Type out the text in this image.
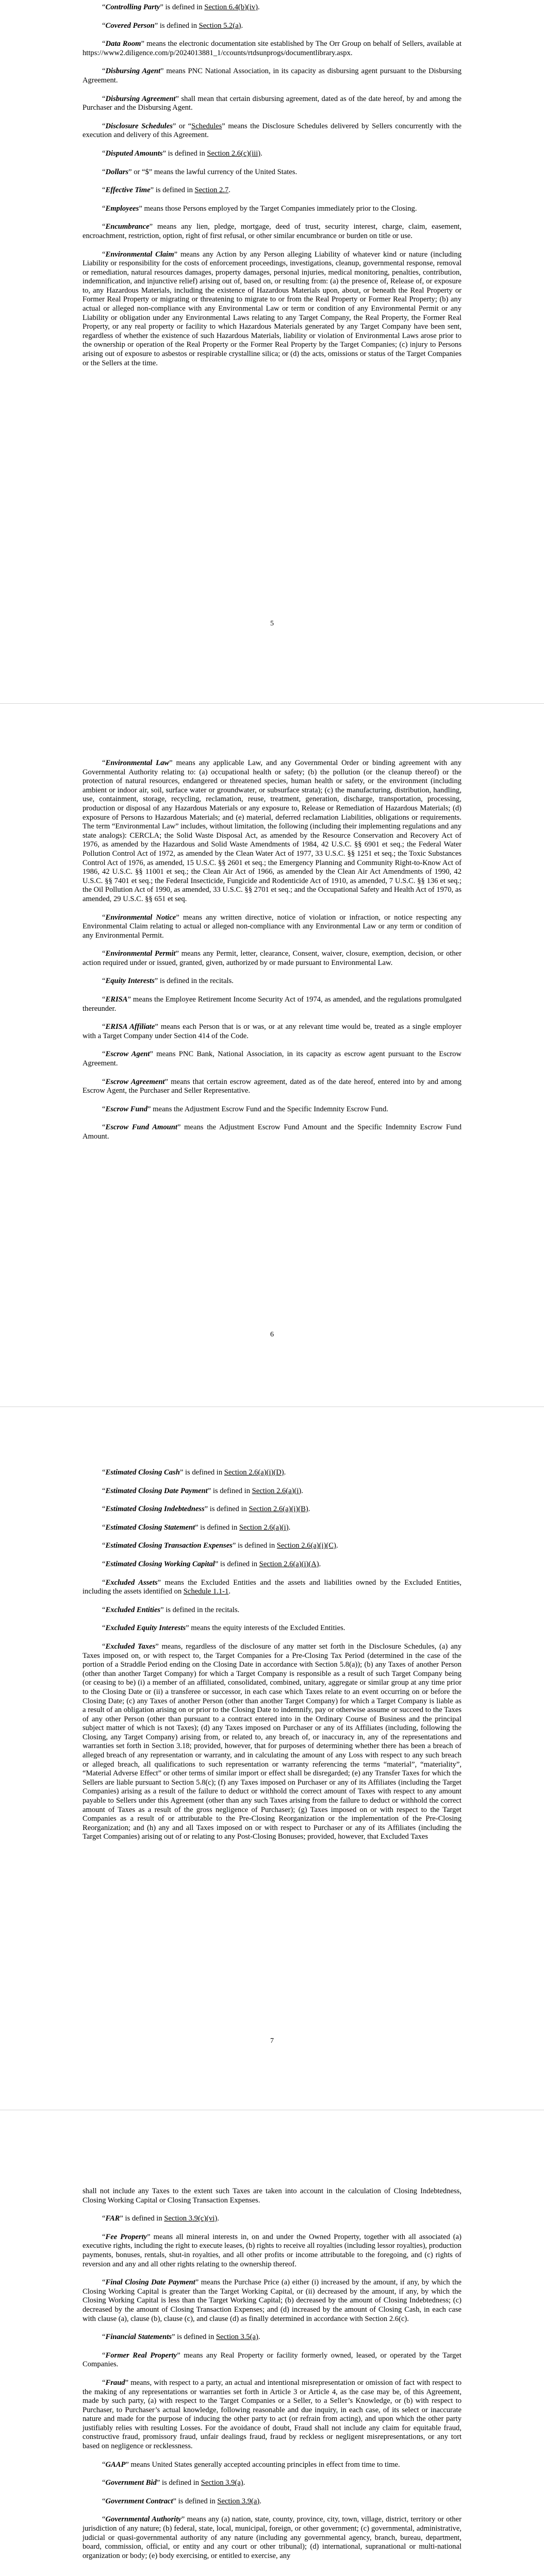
“Controlling Party” is defined in Section 6.4(b)(iv).

“Covered Person” is defined in Section 5.2(a).

“Data Room” means the electronic documentation site established by The Orr Group on behalf of Sellers, available at https://www2.diligence.com/p/2024013881_1/ccounts/rtdsunprogs/documentlibrary.aspx.

“Disbursing Agent” means PNC National Association, in its capacity as disbursing agent pursuant to the Disbursing Agreement.

“Disbursing Agreement” shall mean that certain disbursing agreement, dated as of the date hereof, by and among the Purchaser and the Disbursing Agent.

“Disclosure Schedules” or “Schedules” means the Disclosure Schedules delivered by Sellers concurrently with the execution and delivery of this Agreement.

“Disputed Amounts” is defined in Section 2.6(c)(iii).

“Dollars” or “$” means the lawful currency of the United States.

“Effective Time” is defined in Section 2.7.

“Employees” means those Persons employed by the Target Companies immediately prior to the Closing.

“Encumbrance” means any lien, pledge, mortgage, deed of trust, security interest, charge, claim, easement, encroachment, restriction, option, right of first refusal, or other similar encumbrance or burden on title or use.

“Environmental Claim” means any Action by any Person alleging Liability of whatever kind or nature (including Liability or responsibility for the costs of enforcement proceedings, investigations, cleanup, governmental response, removal or remediation, natural resources damages, property damages, personal injuries, medical monitoring, penalties, contribution, indemnification, and injunctive relief) arising out of, based on, or resulting from: (a) the presence of, Release of, or exposure to, any Hazardous Materials, including the existence of Hazardous Materials upon, about, or beneath the Real Property or Former Real Property or migrating or threatening to migrate to or from the Real Property or Former Real Property; (b) any actual or alleged non-compliance with any Environmental Law or term or condition of any Environmental Permit or any Liability or obligation under any Environmental Laws relating to any Target Company, the Real Property, the Former Real Property, or any real property or facility to which Hazardous Materials generated by any Target Company have been sent, regardless of whether the existence of such Hazardous Materials, liability or violation of Environmental Laws arose prior to the ownership or operation of the Real Property or the Former Real Property by the Target Companies; (c) injury to Persons arising out of exposure to asbestos or respirable crystalline silica; or (d) the acts, omissions or status of the Target Companies or the Sellers at the time.

5

“Environmental Law” means any applicable Law, and any Governmental Order or binding agreement with any Governmental Authority relating to: (a) occupational health or safety; (b) the pollution (or the cleanup thereof) or the protection of natural resources, endangered or threatened species, human health or safety, or the environment (including ambient or indoor air, soil, surface water or groundwater, or subsurface strata); (c) the manufacturing, distribution, handling, use, containment, storage, recycling, reclamation, reuse, treatment, generation, discharge, transportation, processing, production or disposal of any Hazardous Materials or any exposure to, Release or Remediation of Hazardous Materials; (d) exposure of Persons to Hazardous Materials; and (e) material, deferred reclamation Liabilities, obligations or requirements. The term “Environmental Law” includes, without limitation, the following (including their implementing regulations and any state analogs): CERCLA; the Solid Waste Disposal Act, as amended by the Resource Conservation and Recovery Act of 1976, as amended by the Hazardous and Solid Waste Amendments of 1984, 42 U.S.C. §§ 6901 et seq.; the Federal Water Pollution Control Act of 1972, as amended by the Clean Water Act of 1977, 33 U.S.C. §§ 1251 et seq.; the Toxic Substances Control Act of 1976, as amended, 15 U.S.C. §§ 2601 et seq.; the Emergency Planning and Community Right-to-Know Act of 1986, 42 U.S.C. §§ 11001 et seq.; the Clean Air Act of 1966, as amended by the Clean Air Act Amendments of 1990, 42 U.S.C. §§ 7401 et seq.; the Federal Insecticide, Fungicide and Rodenticide Act of 1910, as amended, 7 U.S.C. §§ 136 et seq.; the Oil Pollution Act of 1990, as amended, 33 U.S.C. §§ 2701 et seq.; and the Occupational Safety and Health Act of 1970, as amended, 29 U.S.C. §§ 651 et seq.

“Environmental Notice” means any written directive, notice of violation or infraction, or notice respecting any Environmental Claim relating to actual or alleged non-compliance with any Environmental Law or any term or condition of any Environmental Permit.

“Environmental Permit” means any Permit, letter, clearance, Consent, waiver, closure, exemption, decision, or other action required under or issued, granted, given, authorized by or made pursuant to Environmental Law.

“Equity Interests” is defined in the recitals.

“ERISA” means the Employee Retirement Income Security Act of 1974, as amended, and the regulations promulgated thereunder.

“ERISA Affiliate” means each Person that is or was, or at any relevant time would be, treated as a single employer with a Target Company under Section 414 of the Code.

“Escrow Agent” means PNC Bank, National Association, in its capacity as escrow agent pursuant to the Escrow Agreement.

“Escrow Agreement” means that certain escrow agreement, dated as of the date hereof, entered into by and among Escrow Agent, the Purchaser and Seller Representative.

“Escrow Fund” means the Adjustment Escrow Fund and the Specific Indemnity Escrow Fund.

“Escrow Fund Amount” means the Adjustment Escrow Fund Amount and the Specific Indemnity Escrow Fund Amount.

6

“Estimated Closing Cash” is defined in Section 2.6(a)(i)(D).

“Estimated Closing Date Payment” is defined in Section 2.6(a)(i).

“Estimated Closing Indebtedness” is defined in Section 2.6(a)(i)(B).

“Estimated Closing Statement” is defined in Section 2.6(a)(i).

“Estimated Closing Transaction Expenses” is defined in Section 2.6(a)(i)(C).

“Estimated Closing Working Capital” is defined in Section 2.6(a)(i)(A).

“Excluded Assets” means the Excluded Entities and the assets and liabilities owned by the Excluded Entities, including the assets identified on Schedule 1.1-1.

“Excluded Entities” is defined in the recitals.

“Excluded Equity Interests” means the equity interests of the Excluded Entities.

“Excluded Taxes” means, regardless of the disclosure of any matter set forth in the Disclosure Schedules, (a) any Taxes imposed on, or with respect to, the Target Companies for a Pre-Closing Tax Period (determined in the case of the portion of a Straddle Period ending on the Closing Date in accordance with Section 5.8(a)); (b) any Taxes of another Person (other than another Target Company) for which a Target Company is responsible as a result of such Target Company being (or ceasing to be) (i) a member of an affiliated, consolidated, combined, unitary, aggregate or similar group at any time prior to the Closing Date or (ii) a transferee or successor, in each case which Taxes relate to an event occurring on or before the Closing Date; (c) any Taxes of another Person (other than another Target Company) for which a Target Company is liable as a result of an obligation arising on or prior to the Closing Date to indemnify, pay or otherwise assume or succeed to the Taxes of any other Person (other than pursuant to a contract entered into in the Ordinary Course of Business and the principal subject matter of which is not Taxes); (d) any Taxes imposed on Purchaser or any of its Affiliates (including, following the Closing, any Target Company) arising from, or related to, any breach of, or inaccuracy in, any of the representations and warranties set forth in Section 3.18; provided, however, that for purposes of determining whether there has been a breach of alleged breach of any representation or warranty, and in calculating the amount of any Loss with respect to any such breach or alleged breach, all qualifications to such representation or warranty referencing the terms “material”, “materiality”, “Material Adverse Effect” or other terms of similar import or effect shall be disregarded; (e) any Transfer Taxes for which the Sellers are liable pursuant to Section 5.8(c); (f) any Taxes imposed on Purchaser or any of its Affiliates (including the Target Companies) arising as a result of the failure to deduct or withhold the correct amount of Taxes with respect to any amount payable to Sellers under this Agreement (other than any such Taxes arising from the failure to deduct or withhold the correct amount of Taxes as a result of the gross negligence of Purchaser); (g) Taxes imposed on or with respect to the Target Companies as a result of or attributable to the Pre-Closing Reorganization or the implementation of the Pre-Closing Reorganization; and (h) any and all Taxes imposed on or with respect to Purchaser or any of its Affiliates (including the Target Companies) arising out of or relating to any Post-Closing Bonuses; provided, however, that Excluded Taxes

7

shall not include any Taxes to the extent such Taxes are taken into account in the calculation of Closing Indebtedness, Closing Working Capital or Closing Transaction Expenses.

“FAR” is defined in Section 3.9(c)(vi).

“Fee Property” means all mineral interests in, on and under the Owned Property, together with all associated (a) executive rights, including the right to execute leases, (b) rights to receive all royalties (including lessor royalties), production payments, bonuses, rentals, shut-in royalties, and all other profits or income attributable to the foregoing, and (c) rights of reversion and any and all other rights relating to the ownership thereof.

“Final Closing Date Payment” means the Purchase Price (a) either (i) increased by the amount, if any, by which the Closing Working Capital is greater than the Target Working Capital, or (ii) decreased by the amount, if any, by which the Closing Working Capital is less than the Target Working Capital; (b) decreased by the amount of Closing Indebtedness; (c) decreased by the amount of Closing Transaction Expenses; and (d) increased by the amount of Closing Cash, in each case with clause (a), clause (b), clause (c), and clause (d) as finally determined in accordance with Section 2.6(c).

“Financial Statements” is defined in Section 3.5(a).

“Former Real Property” means any Real Property or facility formerly owned, leased, or operated by the Target Companies.

“Fraud” means, with respect to a party, an actual and intentional misrepresentation or omission of fact with respect to the making of any representations or warranties set forth in Article 3 or Article 4, as the case may be, of this Agreement, made by such party, (a) with respect to the Target Companies or a Seller, to a Seller’s Knowledge, or (b) with respect to Purchaser, to Purchaser’s actual knowledge, following reasonable and due inquiry, in each case, of its select or inaccurate nature and made for the purpose of inducing the other party to act (or refrain from acting), and upon which the other party justifiably relies with resulting Losses. For the avoidance of doubt, Fraud shall not include any claim for equitable fraud, constructive fraud, promissory fraud, unfair dealings fraud, fraud by reckless or negligent misrepresentations, or any tort based on negligence or recklessness.

“GAAP” means United States generally accepted accounting principles in effect from time to time.

“Government Bid” is defined in Section 3.9(a).

“Government Contract” is defined in Section 3.9(a).

“Governmental Authority” means any (a) nation, state, county, province, city, town, village, district, territory or other jurisdiction of any nature; (b) federal, state, local, municipal, foreign, or other government; (c) governmental, administrative, judicial or quasi-governmental authority of any nature (including any governmental agency, branch, bureau, department, board, commission, official, or entity and any court or other tribunal); (d) international, supranational or multi-national organization or body; (e) body exercising, or entitled to exercise, any
